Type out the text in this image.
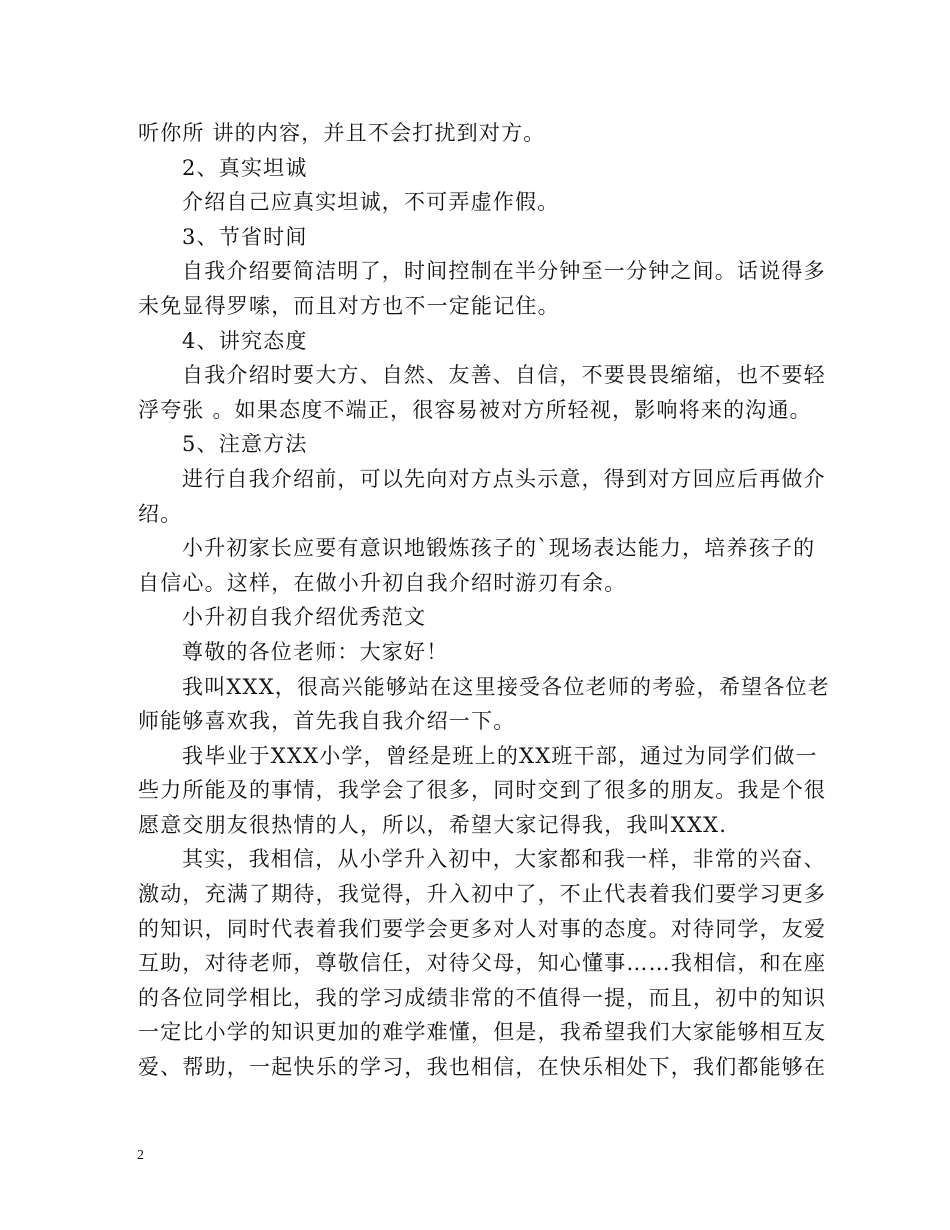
听你所 讲的内容，并且不会打扰到对方。

2、真实坦诚

介绍自己应真实坦诚，不可弄虚作假。

3、节省时间

自我介绍要简洁明了，时间控制在半分钟至一分钟之间。话说得多
未免显得罗嗦，而且对方也不一定能记住。

4、讲究态度

自我介绍时要大方、自然、友善、自信，不要畏畏缩缩，也不要轻
浮夸张 。如果态度不端正，很容易被对方所轻视，影响将来的沟通。

5、注意方法

进行自我介绍前，可以先向对方点头示意，得到对方回应后再做介
绍。

小升初家长应要有意识地锻炼孩子的`现场表达能力，培养孩子的
自信心。这样，在做小升初自我介绍时游刃有余。

小升初自我介绍优秀范文

尊敬的各位老师：大家好！

我叫XXX，很高兴能够站在这里接受各位老师的考验，希望各位老
师能够喜欢我，首先我自我介绍一下。

我毕业于XXX小学，曾经是班上的XX班干部，通过为同学们做一
些力所能及的事情，我学会了很多，同时交到了很多的朋友。我是个很
愿意交朋友很热情的人，所以，希望大家记得我，我叫XXX.

其实，我相信，从小学升入初中，大家都和我一样，非常的兴奋、
激动，充满了期待，我觉得，升入初中了，不止代表着我们要学习更多
的知识，同时代表着我们要学会更多对人对事的态度。对待同学，友爱
互助，对待老师，尊敬信任，对待父母，知心懂事……我相信，和在座
的各位同学相比，我的学习成绩非常的不值得一提，而且，初中的知识
一定比小学的知识更加的难学难懂，但是，我希望我们大家能够相互友
爱、帮助，一起快乐的学习，我也相信，在快乐相处下，我们都能够在

2
